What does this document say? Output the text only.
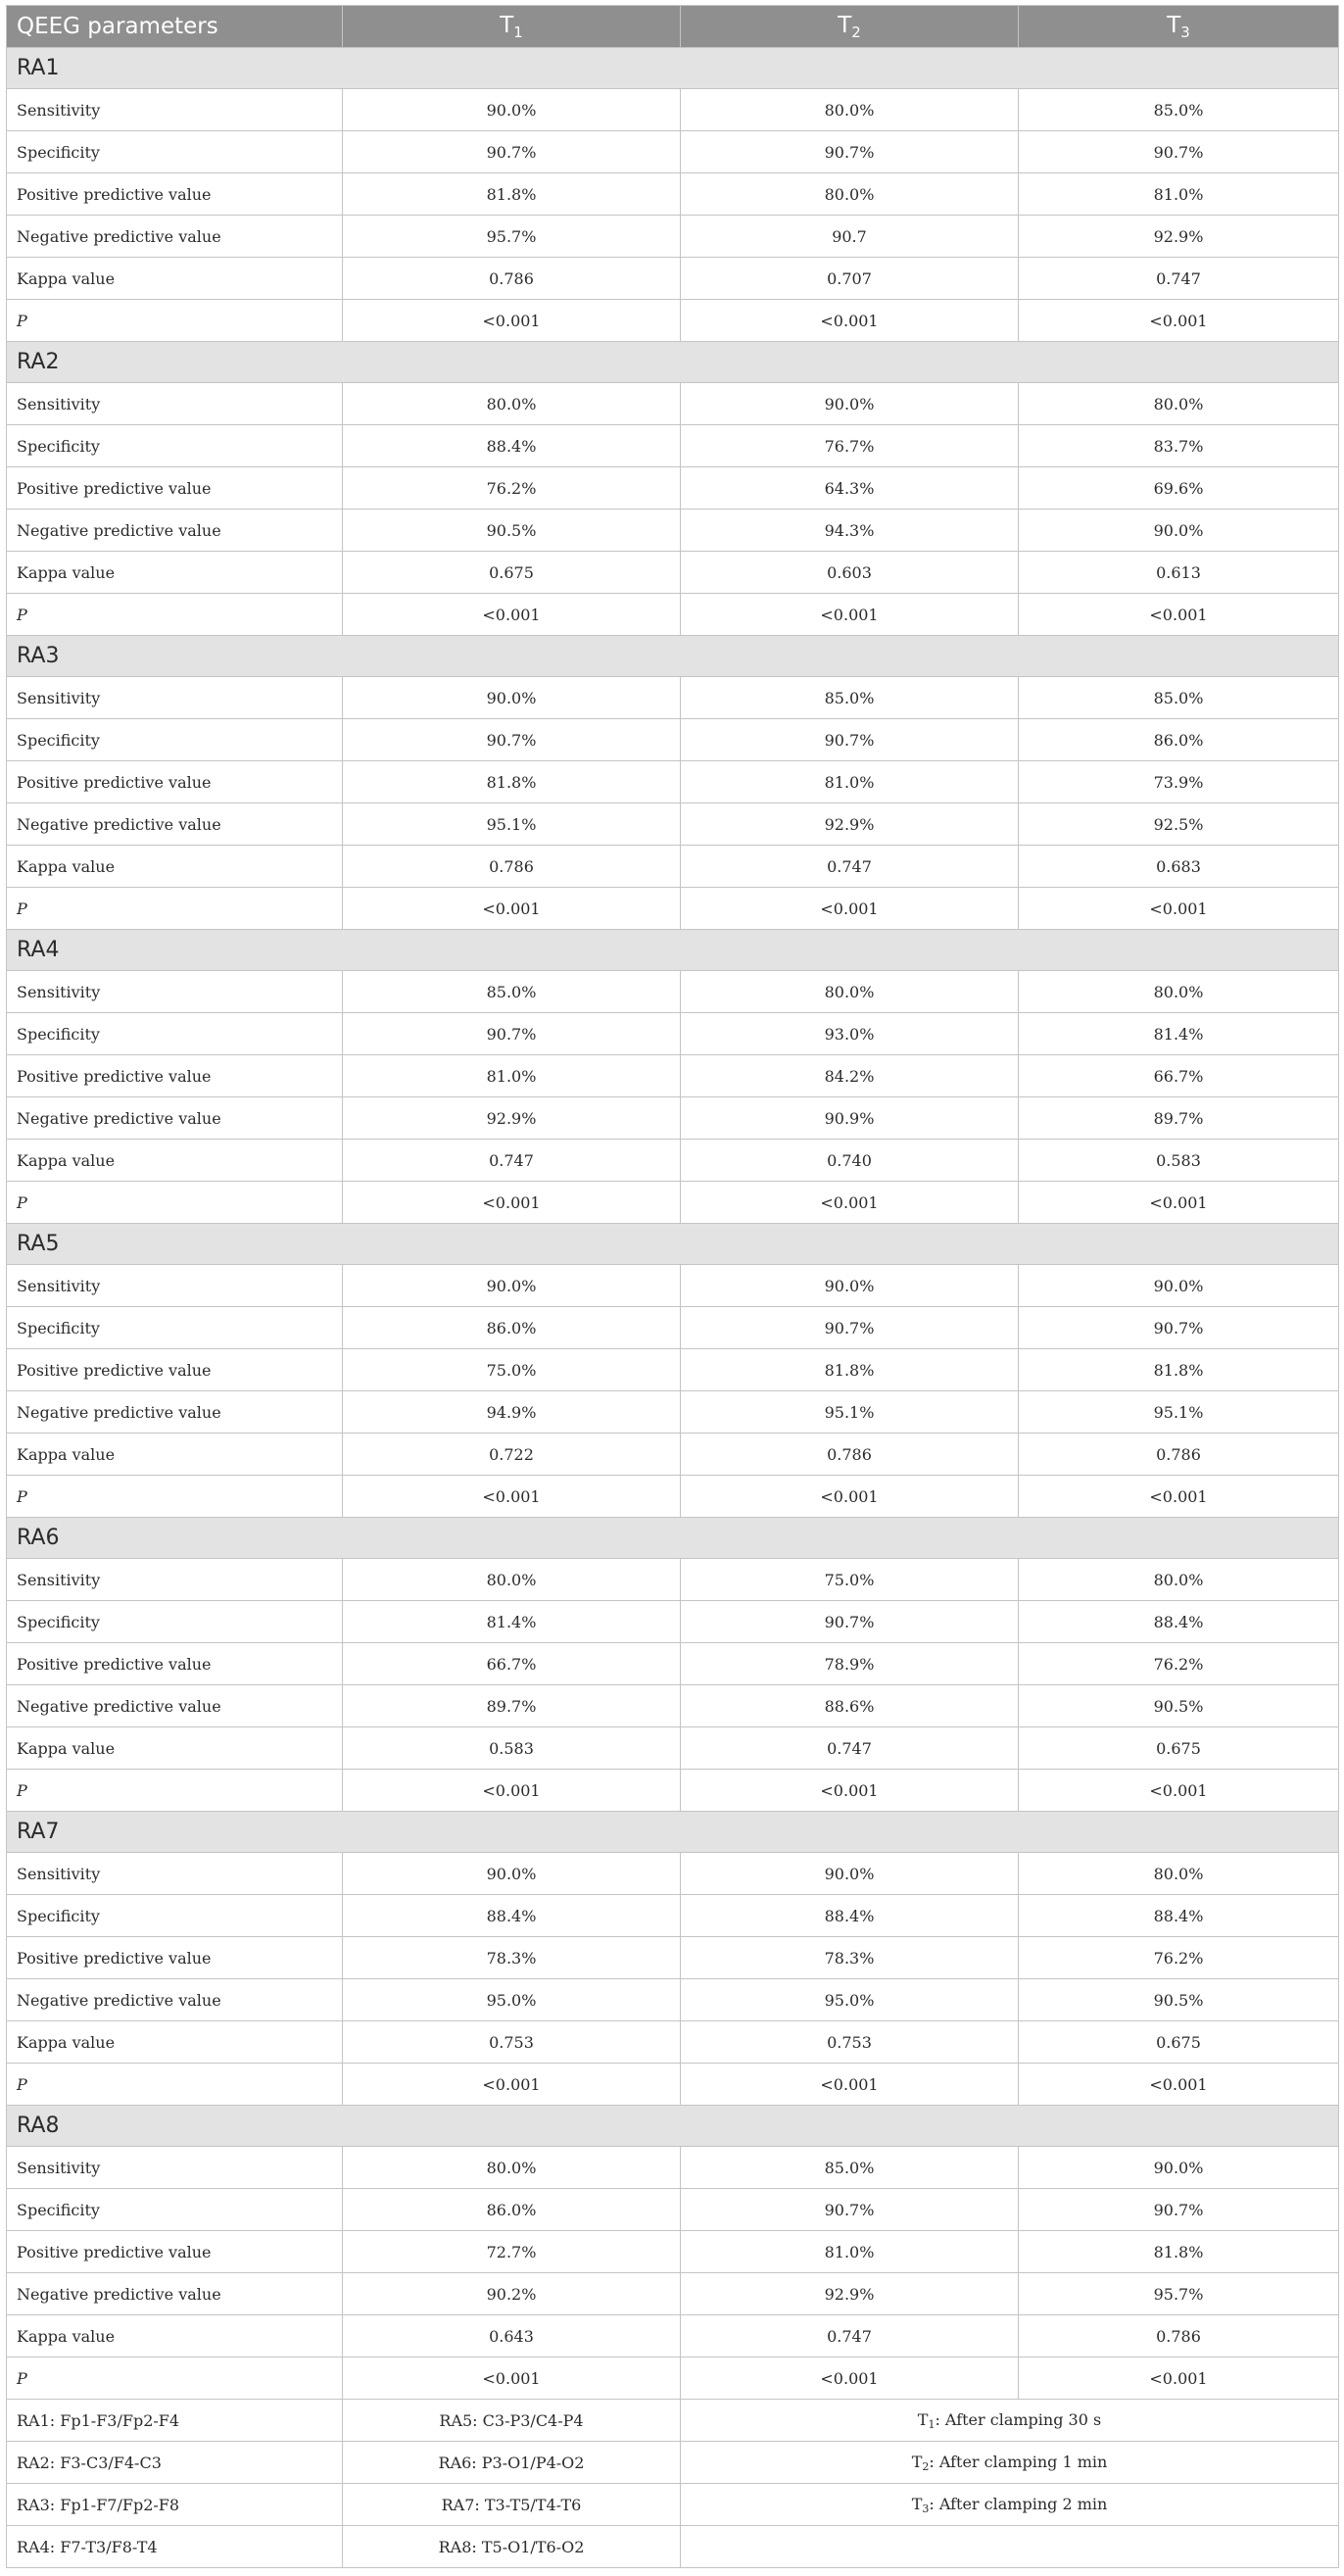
QEEG parameters	$T_1$	$T_2$	$T_3$
RA1			
Sensitivity	90.0%	80.0%	85.0%
Specificity	90.7%	90.7%	90.7%
Positive predictive value	81.8%	80.0%	81.0%
Negative predictive value	95.7%	90.7	92.9%
Kappa value	0.786	0.707	0.747
P	<0.001	<0.001	<0.001
RA2			
Sensitivity	80.0%	90.0%	80.0%
Specificity	88.4%	76.7%	83.7%
Positive predictive value	76.2%	64.3%	69.6%
Negative predictive value	90.5%	94.3%	90.0%
Kappa value	0.675	0.603	0.613
P	<0.001	<0.001	<0.001
RA3			
Sensitivity	90.0%	85.0%	85.0%
Specificity	90.7%	90.7%	86.0%
Positive predictive value	81.8%	81.0%	73.9%
Negative predictive value	95.1%	92.9%	92.5%
Kappa value	0.786	0.747	0.683
P	<0.001	<0.001	<0.001
RA4			
Sensitivity	85.0%	80.0%	80.0%
Specificity	90.7%	93.0%	81.4%
Positive predictive value	81.0%	84.2%	66.7%
Negative predictive value	92.9%	90.9%	89.7%
Kappa value	0.747	0.740	0.583
P	<0.001	<0.001	<0.001
RA5			
Sensitivity	90.0%	90.0%	90.0%
Specificity	86.0%	90.7%	90.7%
Positive predictive value	75.0%	81.8%	81.8%
Negative predictive value	94.9%	95.1%	95.1%
Kappa value	0.722	0.786	0.786
P	<0.001	<0.001	<0.001
RA6			
Sensitivity	80.0%	75.0%	80.0%
Specificity	81.4%	90.7%	88.4%
Positive predictive value	66.7%	78.9%	76.2%
Negative predictive value	89.7%	88.6%	90.5%
Kappa value	0.583	0.747	0.675
P	<0.001	<0.001	<0.001
RA7			
Sensitivity	90.0%	90.0%	80.0%
Specificity	88.4%	88.4%	88.4%
Positive predictive value	78.3%	78.3%	76.2%
Negative predictive value	95.0%	95.0%	90.5%
Kappa value	0.753	0.753	0.675
P	<0.001	<0.001	<0.001
RA8			
Sensitivity	80.0%	85.0%	90.0%
Specificity	86.0%	90.7%	90.7%
Positive predictive value	72.7%	81.0%	81.8%
Negative predictive value	90.2%	92.9%	95.7%
Kappa value	0.643	0.747	0.786
P	<0.001	<0.001	<0.001
RA1: Fp1-F3/Fp2-F4	RA5: C3-P3/C4-P4	$T_1$: After clamping 30 s	
RA2: F3-C3/F4-C3	RA6: P3-O1/P4-O2	$T_2$: After clamping 1 min	
RA3: Fp1-F7/Fp2-F8	RA7: T3-T5/T4-T6	$T_3$: After clamping 2 min	
RA4: F7-T3/F8-T4	RA8: T5-O1/T6-O2		
